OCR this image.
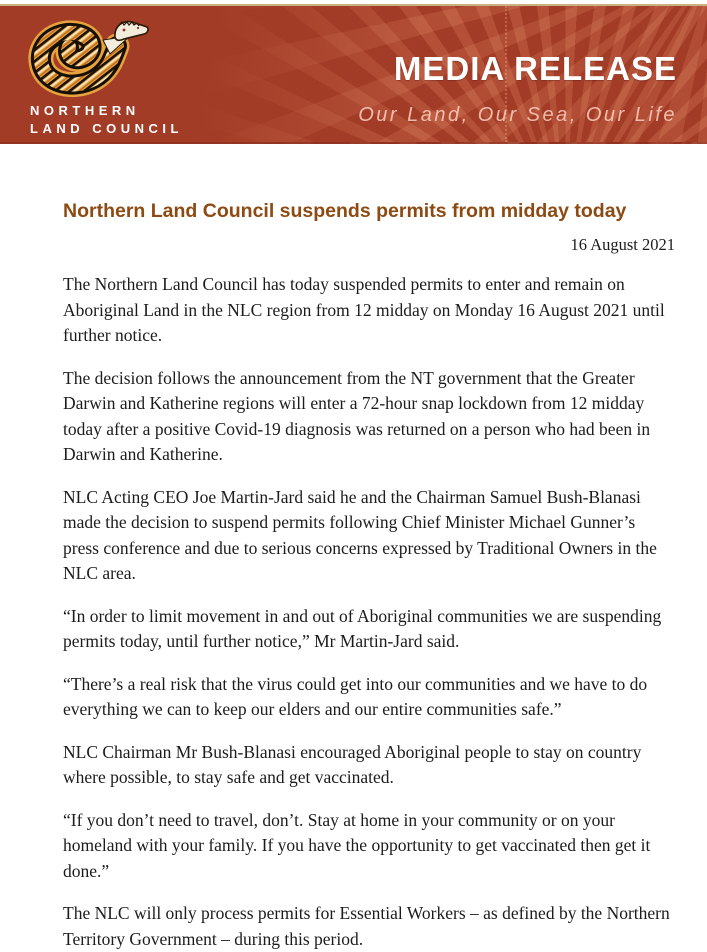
NORTHERN
LAND COUNCIL
MEDIA RELEASE
Our Land, Our Sea, Our Life
Northern Land Council suspends permits from midday today
16 August 2021

The Northern Land Council has today suspended permits to enter and remain on Aboriginal Land in the NLC region from 12 midday on Monday 16 August 2021 until further notice.

The decision follows the announcement from the NT government that the Greater Darwin and Katherine regions will enter a 72-hour snap lockdown from 12 midday today after a positive Covid-19 diagnosis was returned on a person who had been in Darwin and Katherine.

NLC Acting CEO Joe Martin-Jard said he and the Chairman Samuel Bush-Blanasi made the decision to suspend permits following Chief Minister Michael Gunner’s press conference and due to serious concerns expressed by Traditional Owners in the NLC area.

“In order to limit movement in and out of Aboriginal communities we are suspending permits today, until further notice,” Mr Martin-Jard said.

“There’s a real risk that the virus could get into our communities and we have to do everything we can to keep our elders and our entire communities safe.”

NLC Chairman Mr Bush-Blanasi encouraged Aboriginal people to stay on country where possible, to stay safe and get vaccinated.

“If you don’t need to travel, don’t. Stay at home in your community or on your homeland with your family. If you have the opportunity to get vaccinated then get it done.”

The NLC will only process permits for Essential Workers – as defined by the Northern Territory Government – during this period.
